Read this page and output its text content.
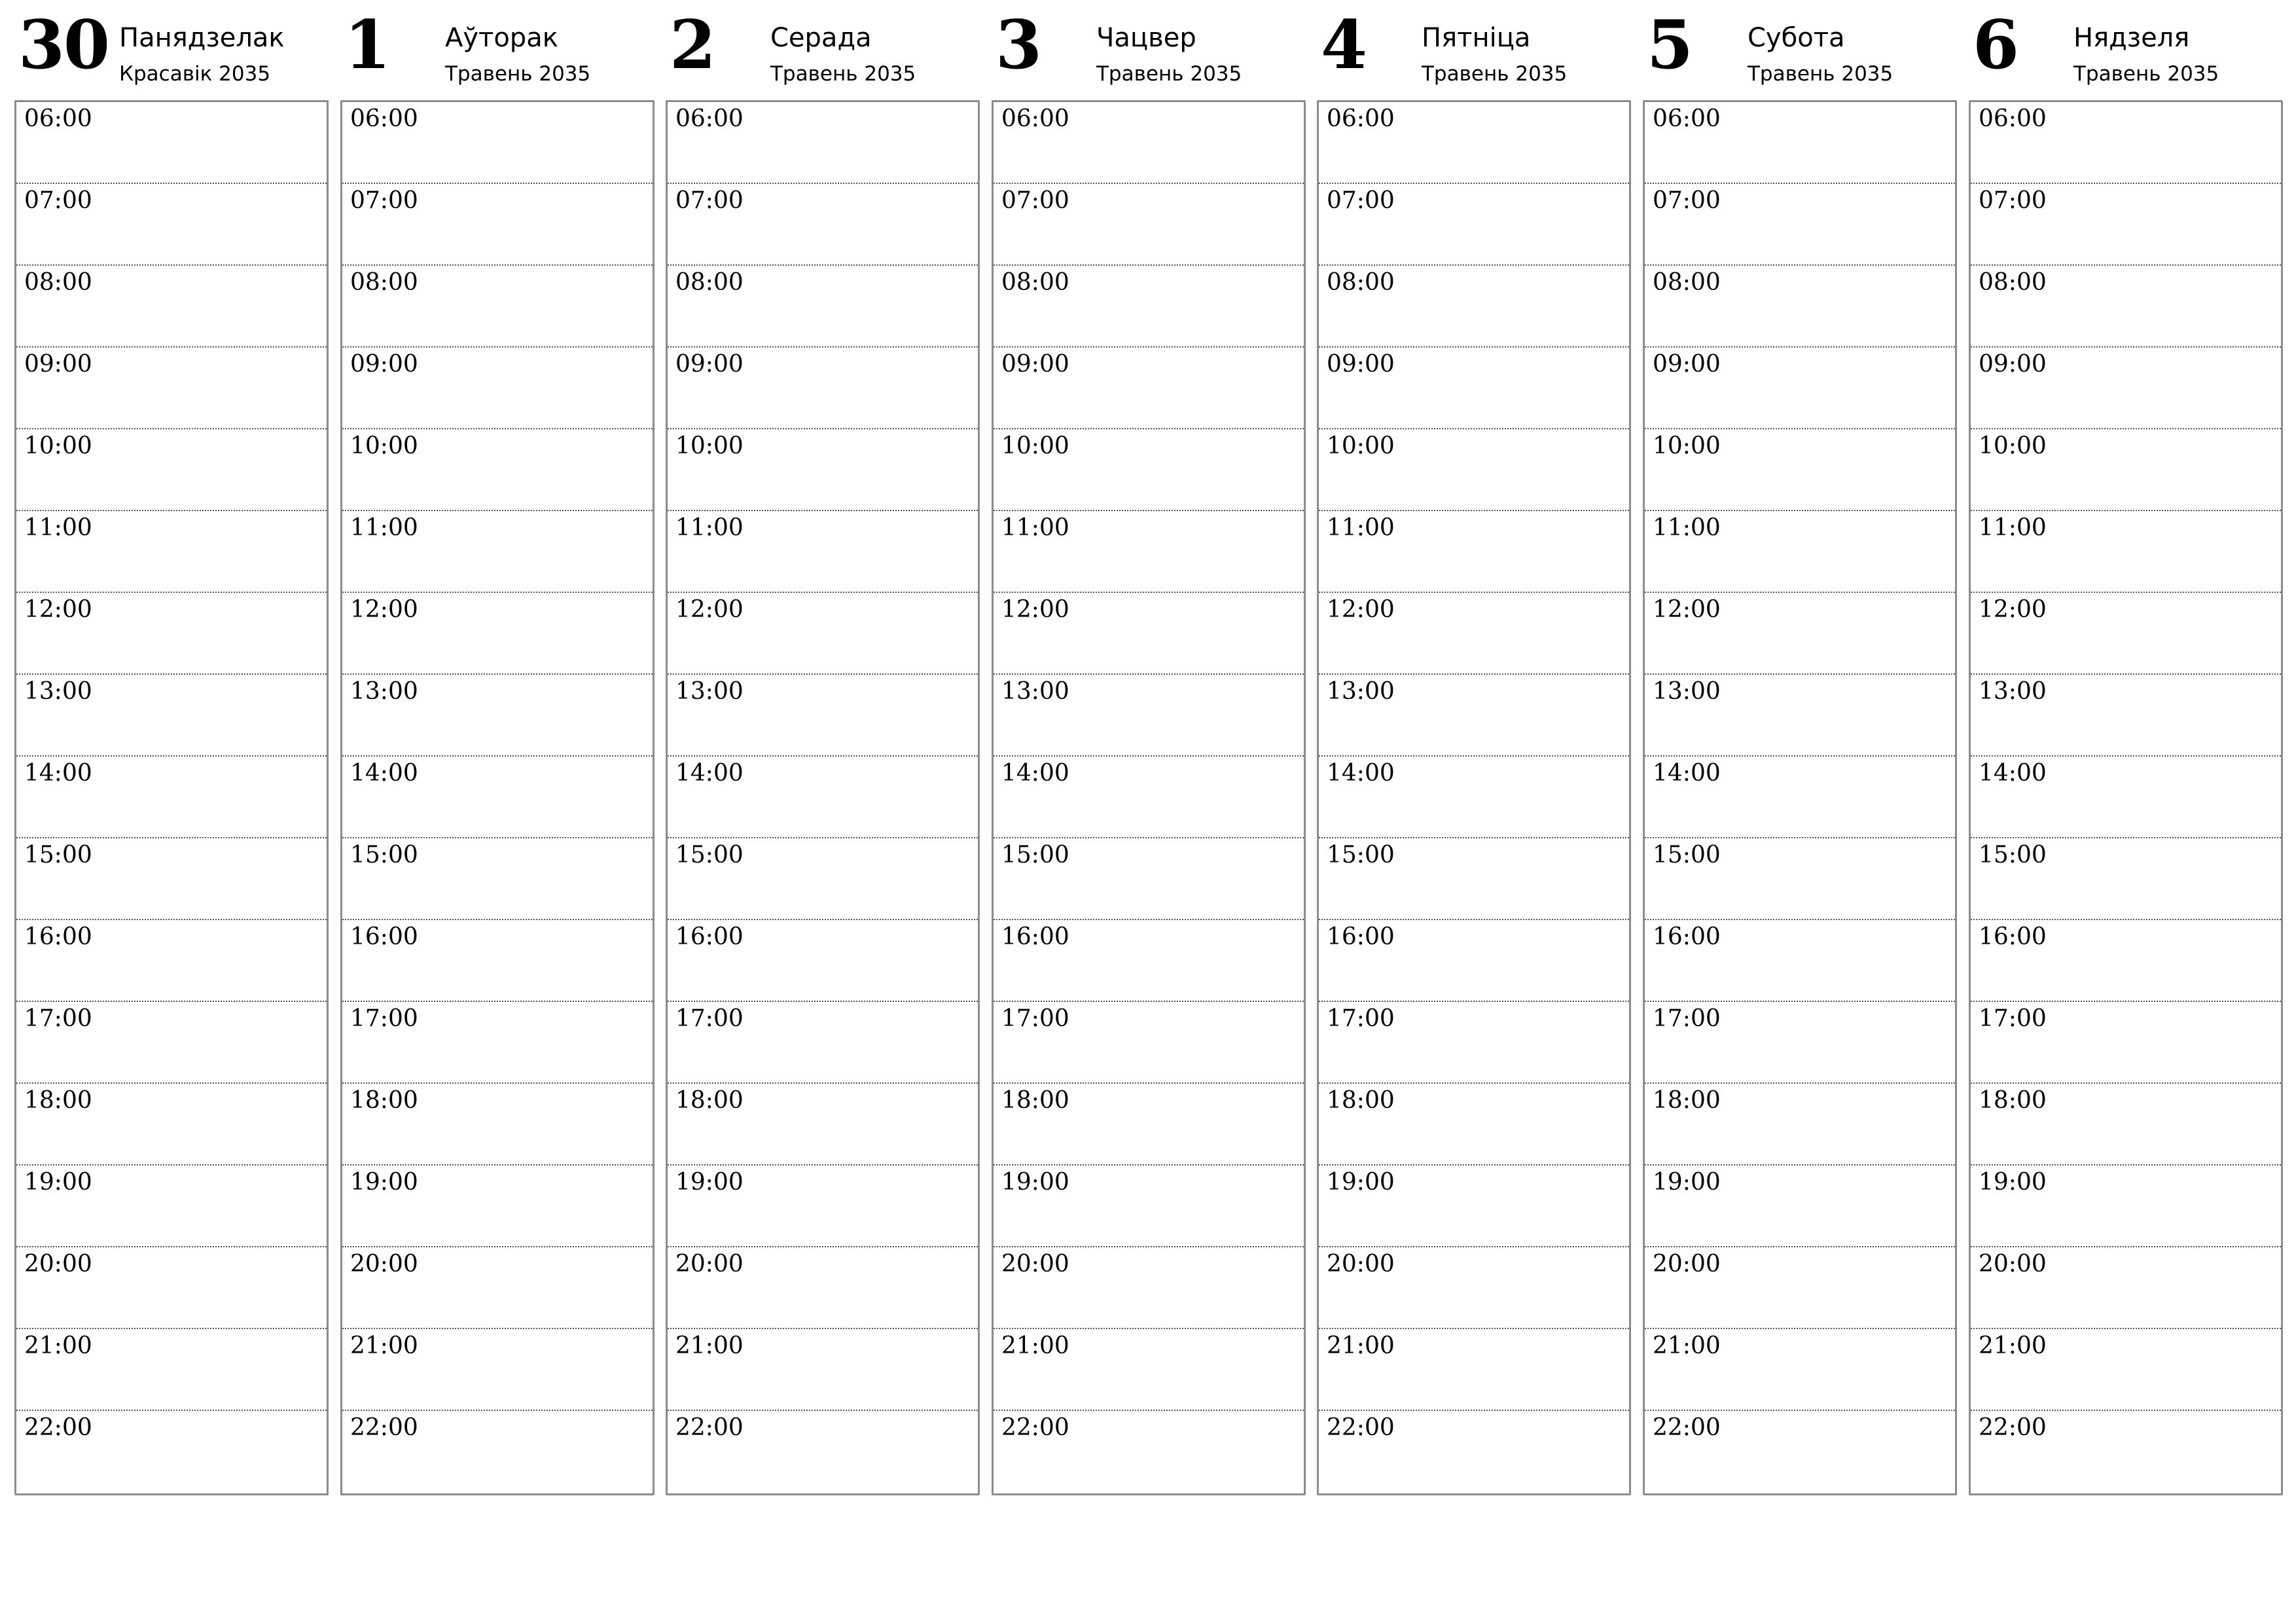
30 Панядзелак
Красавік 2035
06:00
07:00
08:00
09:00
10:00
11:00
12:00
13:00
14:00
15:00
16:00
17:00
18:00
19:00
20:00
21:00
22:00
1 Аўторак
Травень 2035
06:00
07:00
08:00
09:00
10:00
11:00
12:00
13:00
14:00
15:00
16:00
17:00
18:00
19:00
20:00
21:00
22:00
2 Серада
Травень 2035
06:00
07:00
08:00
09:00
10:00
11:00
12:00
13:00
14:00
15:00
16:00
17:00
18:00
19:00
20:00
21:00
22:00
3 Чацвер
Травень 2035
06:00
07:00
08:00
09:00
10:00
11:00
12:00
13:00
14:00
15:00
16:00
17:00
18:00
19:00
20:00
21:00
22:00
4 Пятніца
Травень 2035
06:00
07:00
08:00
09:00
10:00
11:00
12:00
13:00
14:00
15:00
16:00
17:00
18:00
19:00
20:00
21:00
22:00
5 Субота
Травень 2035
06:00
07:00
08:00
09:00
10:00
11:00
12:00
13:00
14:00
15:00
16:00
17:00
18:00
19:00
20:00
21:00
22:00
6 Нядзеля
Травень 2035
06:00
07:00
08:00
09:00
10:00
11:00
12:00
13:00
14:00
15:00
16:00
17:00
18:00
19:00
20:00
21:00
22:00
